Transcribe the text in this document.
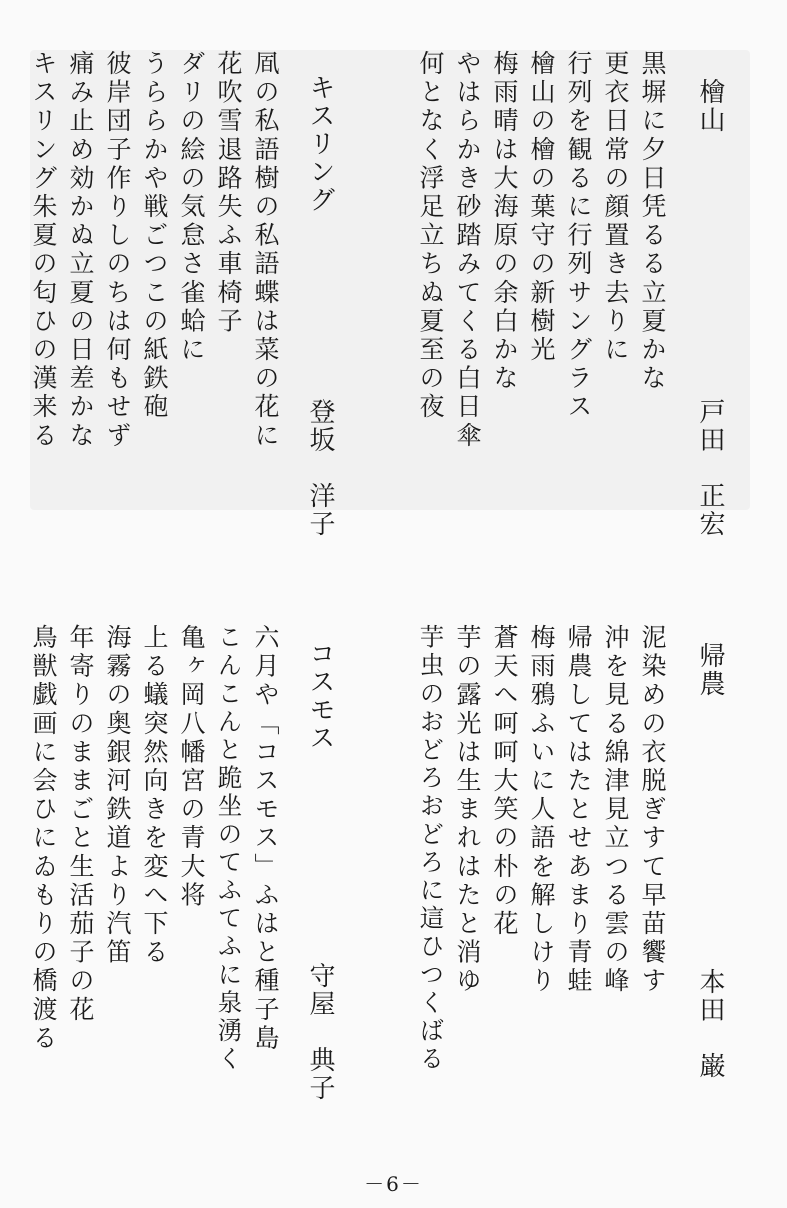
檜山
戸田　正宏
黒塀に夕日凭るる立夏かな
更衣日常の顔置き去りに
行列を観るに行列サングラス
檜山の檜の葉守の新樹光
梅雨晴は大海原の余白かな
やはらかき砂踏みてくる白日傘
何となく浮足立ちぬ夏至の夜
キスリング
登坂　洋子
凮の私語樹の私語蝶は菜の花に
花吹雪退路失ふ車椅子
ダリの絵の気怠さ雀蛤に
うららかや戦ごつこの紙鉄砲
彼岸団子作りしのちは何もせず
痛み止め効かぬ立夏の日差かな
キスリング朱夏の匂ひの漢来る
帰農
本田　巌
泥染めの衣脱ぎすて早苗饗す
沖を見る綿津見立つる雲の峰
帰農してはたとせあまり青蛙
梅雨鴉ふいに人語を解しけり
蒼天へ呵呵大笑の朴の花
芋の露光は生まれはたと消ゆ
芋虫のおどろおどろに這ひつくばる
コスモス
守屋　典子
六月や「コスモス」ふはと種子島
こんこんと跪坐のてふてふに泉湧く
亀ヶ岡八幡宮の青大将
上る蟻突然向きを変へ下る
海霧の奥銀河鉄道より汽笛
年寄りのままごと生活茄子の花
鳥獣戯画に会ひにゐもりの橋渡る
－6－
